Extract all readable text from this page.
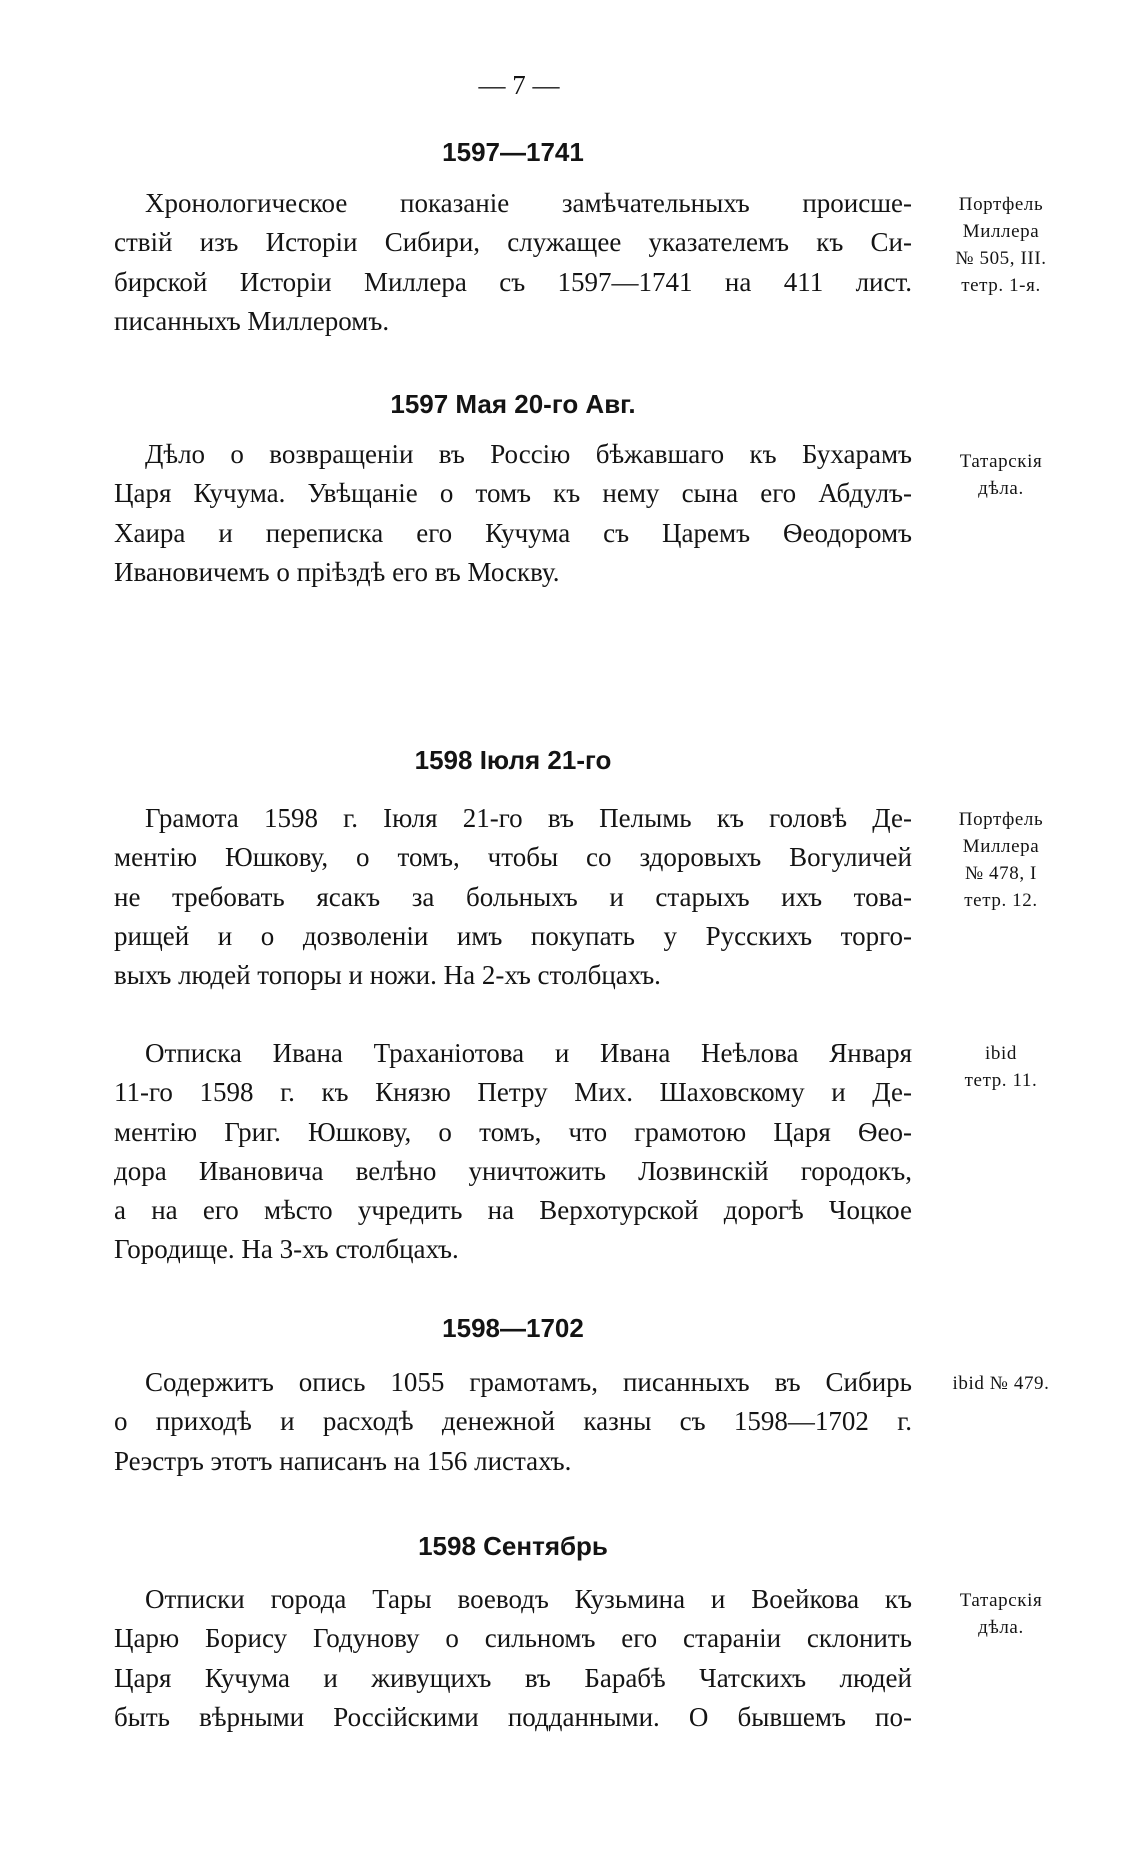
— 7 —
1597—1741
Хронологическое показаніе замѣчательныхъ происше-
ствій изъ Исторіи Сибири, служащее указателемъ къ Си-
бирской Исторіи Миллера съ 1597—1741 на 411 лист.
писанныхъ Миллеромъ.
Портфель
Миллера
№ 505, III.
тетр. 1-я.
1597 Мая 20-го Авг.
Дѣло о возвращеніи въ Россію бѣжавшаго къ Бухарамъ
Царя Кучума. Увѣщаніе о томъ къ нему сына его Абдулъ-
Хаира и переписка его Кучума съ Царемъ Ѳеодоромъ
Ивановичемъ о пріѣздѣ его въ Москву.
Татарскія
дѣла.
1598 Іюля 21-го
Грамота 1598 г. Іюля 21-го въ Пелымь къ головѣ Де-
ментію Юшкову, о томъ, чтобы со здоровыхъ Вогуличей
не требовать ясакъ за больныхъ и старыхъ ихъ това-
рищей и о дозволеніи имъ покупать у Русскихъ торго-
выхъ людей топоры и ножи. На 2-хъ столбцахъ.
Портфель
Миллера
№ 478, I
тетр. 12.
Отписка Ивана Траханіотова и Ивана Неѣлова Января
11-го 1598 г. къ Князю Петру Мих. Шаховскому и Де-
ментію Григ. Юшкову, о томъ, что грамотою Царя Ѳео-
дора Ивановича велѣно уничтожить Лозвинскій городокъ,
а на его мѣсто учредить на Верхотурской дорогѣ Чоцкое
Городище. На 3-хъ столбцахъ.
ibid
тетр. 11.
1598—1702
Содержитъ опись 1055 грамотамъ, писанныхъ въ Сибирь
о приходѣ и расходѣ денежной казны съ 1598—1702 г.
Реэстръ этотъ написанъ на 156 листахъ.
ibid № 479.
1598 Сентябрь
Отписки города Тары воеводъ Кузьмина и Воейкова къ
Царю Борису Годунову о сильномъ его стараніи склонить
Царя Кучума и живущихъ въ Барабѣ Чатскихъ людей
быть вѣрными Россійскими подданными. О бывшемъ по-
Татарскія
дѣла.
